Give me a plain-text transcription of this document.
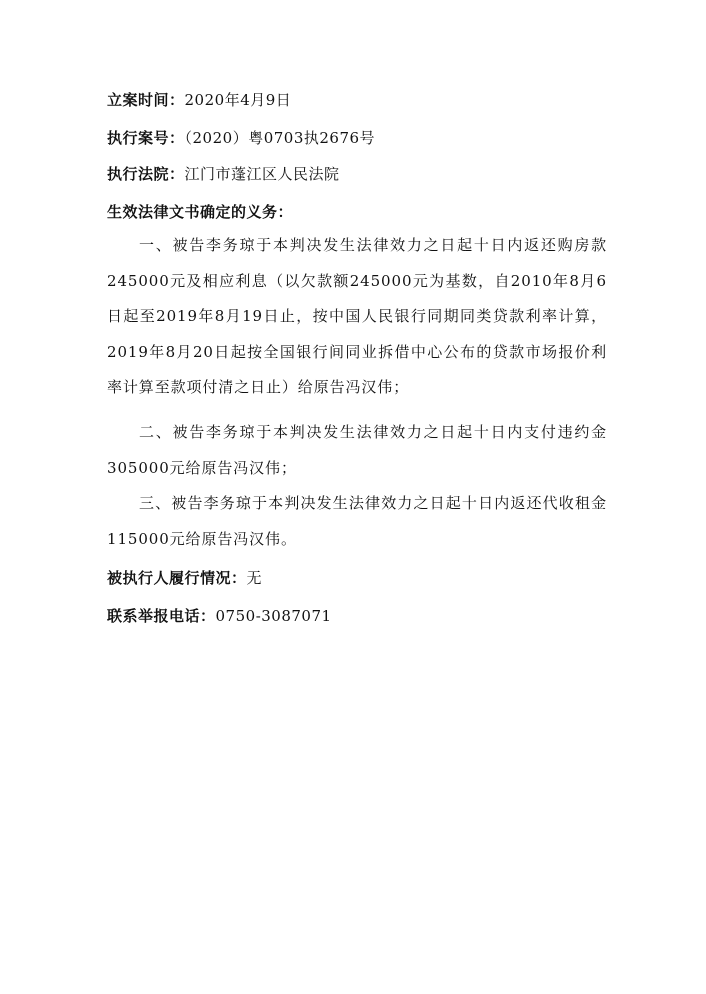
立案时间：2020年4月9日
执行案号：（2020）粤0703执2676号
执行法院：江门市蓬江区人民法院
生效法律文书确定的义务：
一、被告李务琼于本判决发生法律效力之日起十日内返还购房款245000元及相应利息（以欠款额245000元为基数，自2010年8月6日起至2019年8月19日止，按中国人民银行同期同类贷款利率计算，2019年8月20日起按全国银行间同业拆借中心公布的贷款市场报价利率计算至款项付清之日止）给原告冯汉伟；
二、被告李务琼于本判决发生法律效力之日起十日内支付违约金305000元给原告冯汉伟；
三、被告李务琼于本判决发生法律效力之日起十日内返还代收租金115000元给原告冯汉伟。
被执行人履行情况：无
联系举报电话：0750-3087071
